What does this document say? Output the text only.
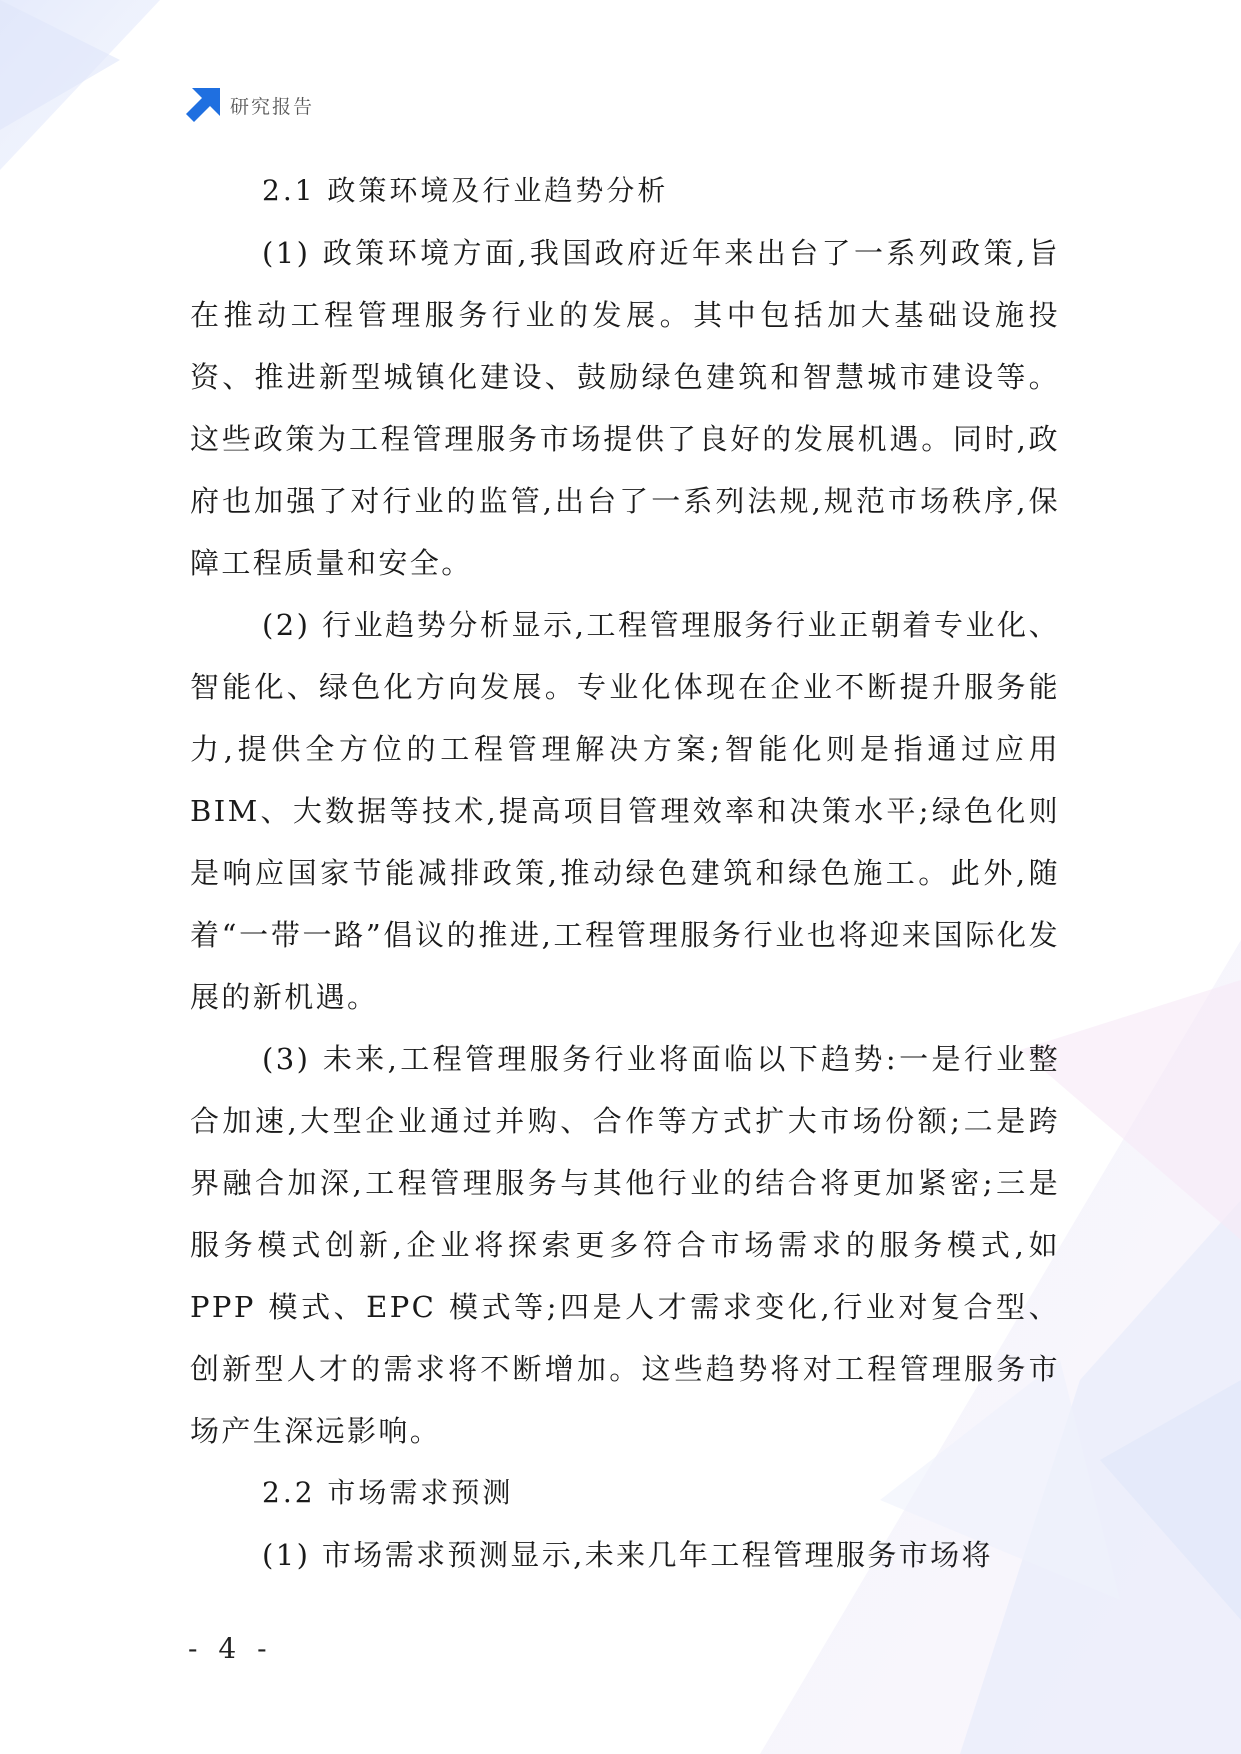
研究报告
2.1 政策环境及行业趋势分析

(1) 政策环境方面,我国政府近年来出台了一系列政策,旨在推动工程管理服务行业的发展。其中包括加大基础设施投资、推进新型城镇化建设、鼓励绿色建筑和智慧城市建设等。这些政策为工程管理服务市场提供了良好的发展机遇。同时,政府也加强了对行业的监管,出台了一系列法规,规范市场秩序,保障工程质量和安全。

(2) 行业趋势分析显示,工程管理服务行业正朝着专业化、智能化、绿色化方向发展。专业化体现在企业不断提升服务能力,提供全方位的工程管理解决方案;智能化则是指通过应用 BIM、大数据等技术,提高项目管理效率和决策水平;绿色化则是响应国家节能减排政策,推动绿色建筑和绿色施工。此外,随着“一带一路”倡议的推进,工程管理服务行业也将迎来国际化发展的新机遇。

(3) 未来,工程管理服务行业将面临以下趋势:一是行业整合加速,大型企业通过并购、合作等方式扩大市场份额;二是跨界融合加深,工程管理服务与其他行业的结合将更加紧密;三是服务模式创新,企业将探索更多符合市场需求的服务模式,如 PPP 模式、EPC 模式等;四是人才需求变化,行业对复合型、创新型人才的需求将不断增加。这些趋势将对工程管理服务市场产生深远影响。

2.2 市场需求预测

(1) 市场需求预测显示,未来几年工程管理服务市场将

- 4 -
